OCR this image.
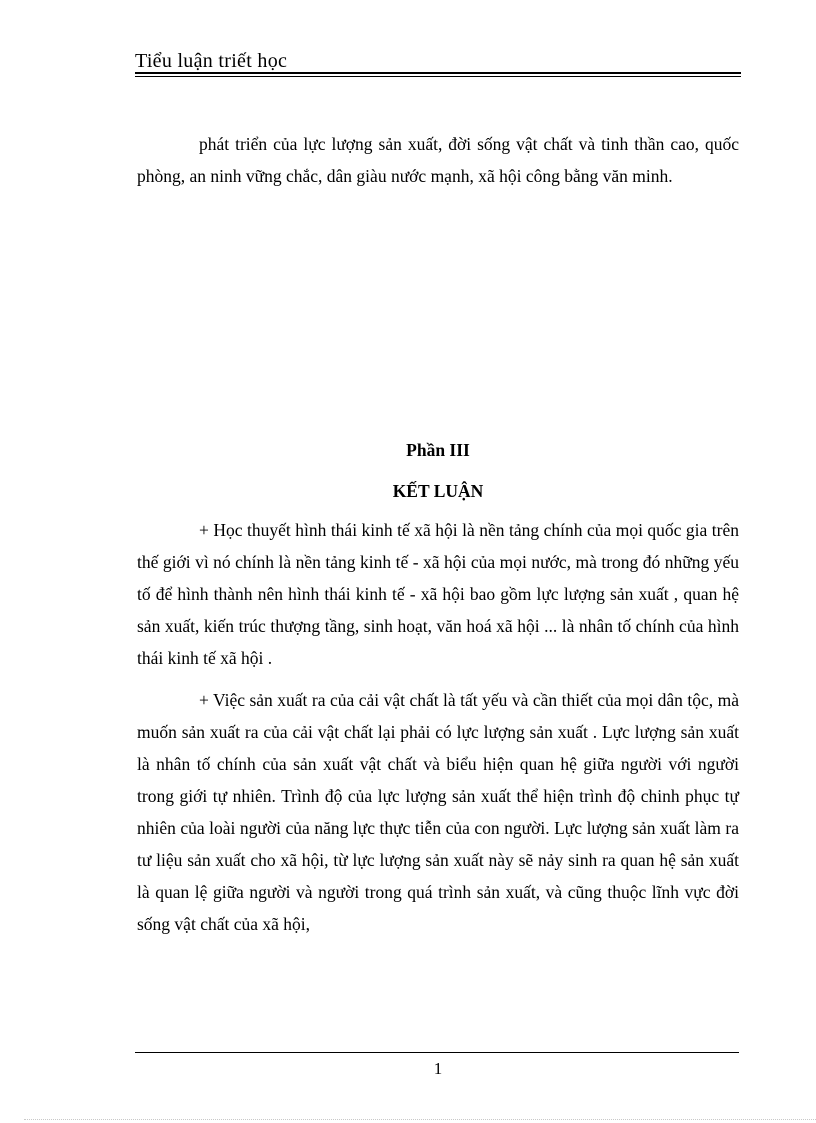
Tiểu luận triết học

phát triển của lực lượng sản xuất, đời sống vật chất và tinh thần cao, quốc phòng, an ninh vững chắc, dân giàu nước mạnh, xã hội công bằng văn minh.

Phần III

KẾT LUẬN

+ Học thuyết hình thái kinh tế xã hội là nền tảng chính của mọi quốc gia trên thế giới vì nó chính là nền tảng kinh tế - xã hội của mọi nước, mà trong đó những yếu tố để hình thành nên hình thái kinh tế - xã hội bao gồm lực lượng sản xuất , quan hệ sản xuất, kiến trúc thượng tầng, sinh hoạt, văn hoá xã hội ... là nhân tố chính của hình thái kinh tế xã hội .

+ Việc sản xuất ra của cải vật chất là tất yếu và cần thiết của mọi dân tộc, mà muốn sản xuất ra của cải vật chất lại phải có lực lượng sản xuất . Lực lượng sản xuất là nhân tố chính của sản xuất vật chất và biểu hiện quan hệ giữa người với người trong giới tự nhiên. Trình độ của lực lượng sản xuất thể hiện trình độ chinh phục tự nhiên của loài người của năng lực thực tiễn của con người. Lực lượng sản xuất làm ra tư liệu sản xuất cho xã hội, từ lực lượng sản xuất này sẽ nảy sinh ra quan hệ sản xuất là quan lệ giữa người và người trong quá trình sản xuất, và cũng thuộc lĩnh vực đời sống vật chất của xã hội,

1
